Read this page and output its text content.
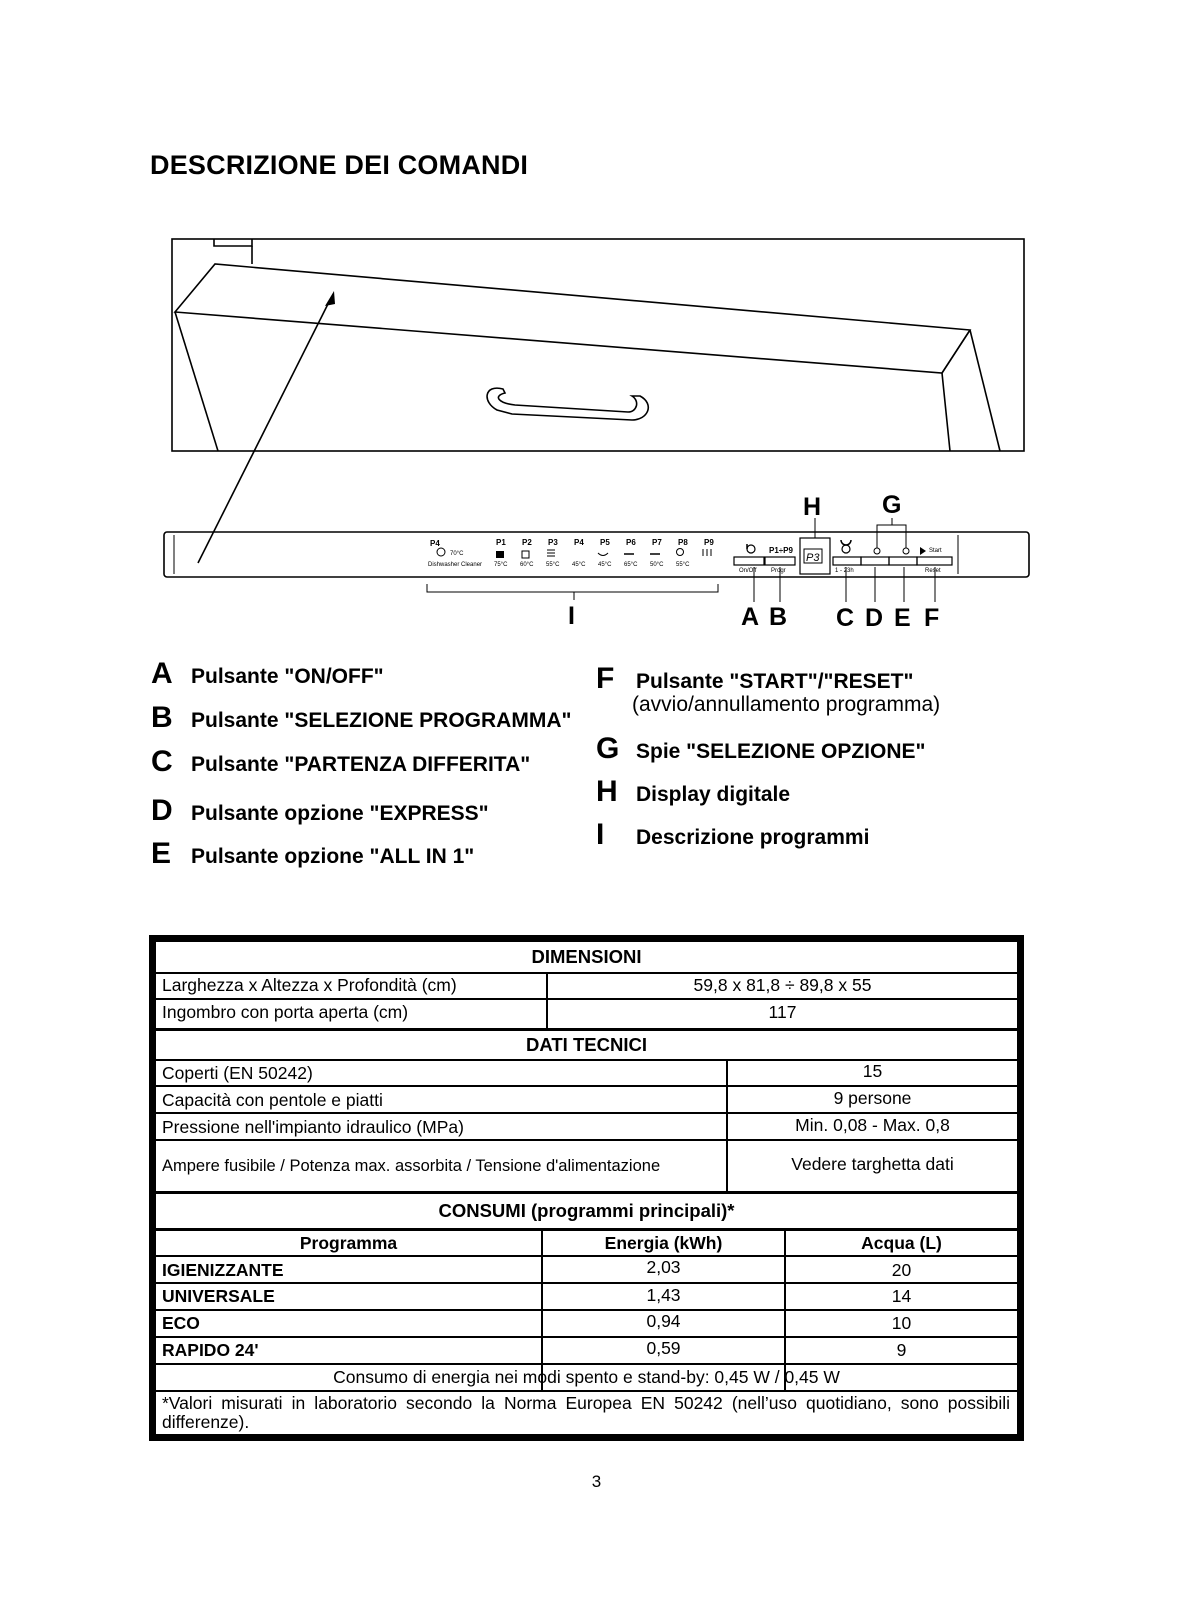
DESCRIZIONE DEI COMANDI
H G
I	A B C D E F
P4
70°C
Dishwasher Cleaner
P1
75°C
P2
60°C
P3
55°C
P4
45°C
P5
45°C
P6
65°C
P7
50°C
P8
55°C
P9
On/Off Progr
P1÷P9
P3
1 - 23h
Start
Reset
A Pulsante "ON/OFF"
B Pulsante "SELEZIONE PROGRAMMA"
C Pulsante "PARTENZA DIFFERITA"
D Pulsante opzione "EXPRESS"
E Pulsante opzione "ALL IN 1"
F	Pulsante "START"/"RESET"
(avvio/annullamento programma)
G Spie "SELEZIONE OPZIONE"
H Display digitale
I	Descrizione programmi
DIMENSIONI
Larghezza x Altezza x Profondità (cm)	59,8 x 81,8 ÷ 89,8 x 55
Ingombro con porta aperta (cm)	117
DATI TECNICI
Coperti (EN 50242)	15
Capacità con pentole e piatti	9 persone
Pressione nell'impianto idraulico (MPa)	Min. 0,08 - Max. 0,8
Ampere fusibile / Potenza max. assorbita / Tensione d'alimentazione	Vedere targhetta dati
CONSUMI (programmi principali)*
Programma	Energia (kWh)	Acqua (L)
IGIENIZZANTE	2,03	20
UNIVERSALE	1,43	14
ECO	0,94	10
RAPIDO 24'	0,59	9
Consumo di energia nei modi spento e stand-by: 0,45 W / 0,45 W
*Valori misurati in laboratorio secondo la Norma Europea EN 50242 (nell’uso quotidiano, sono possibili differenze).
3
